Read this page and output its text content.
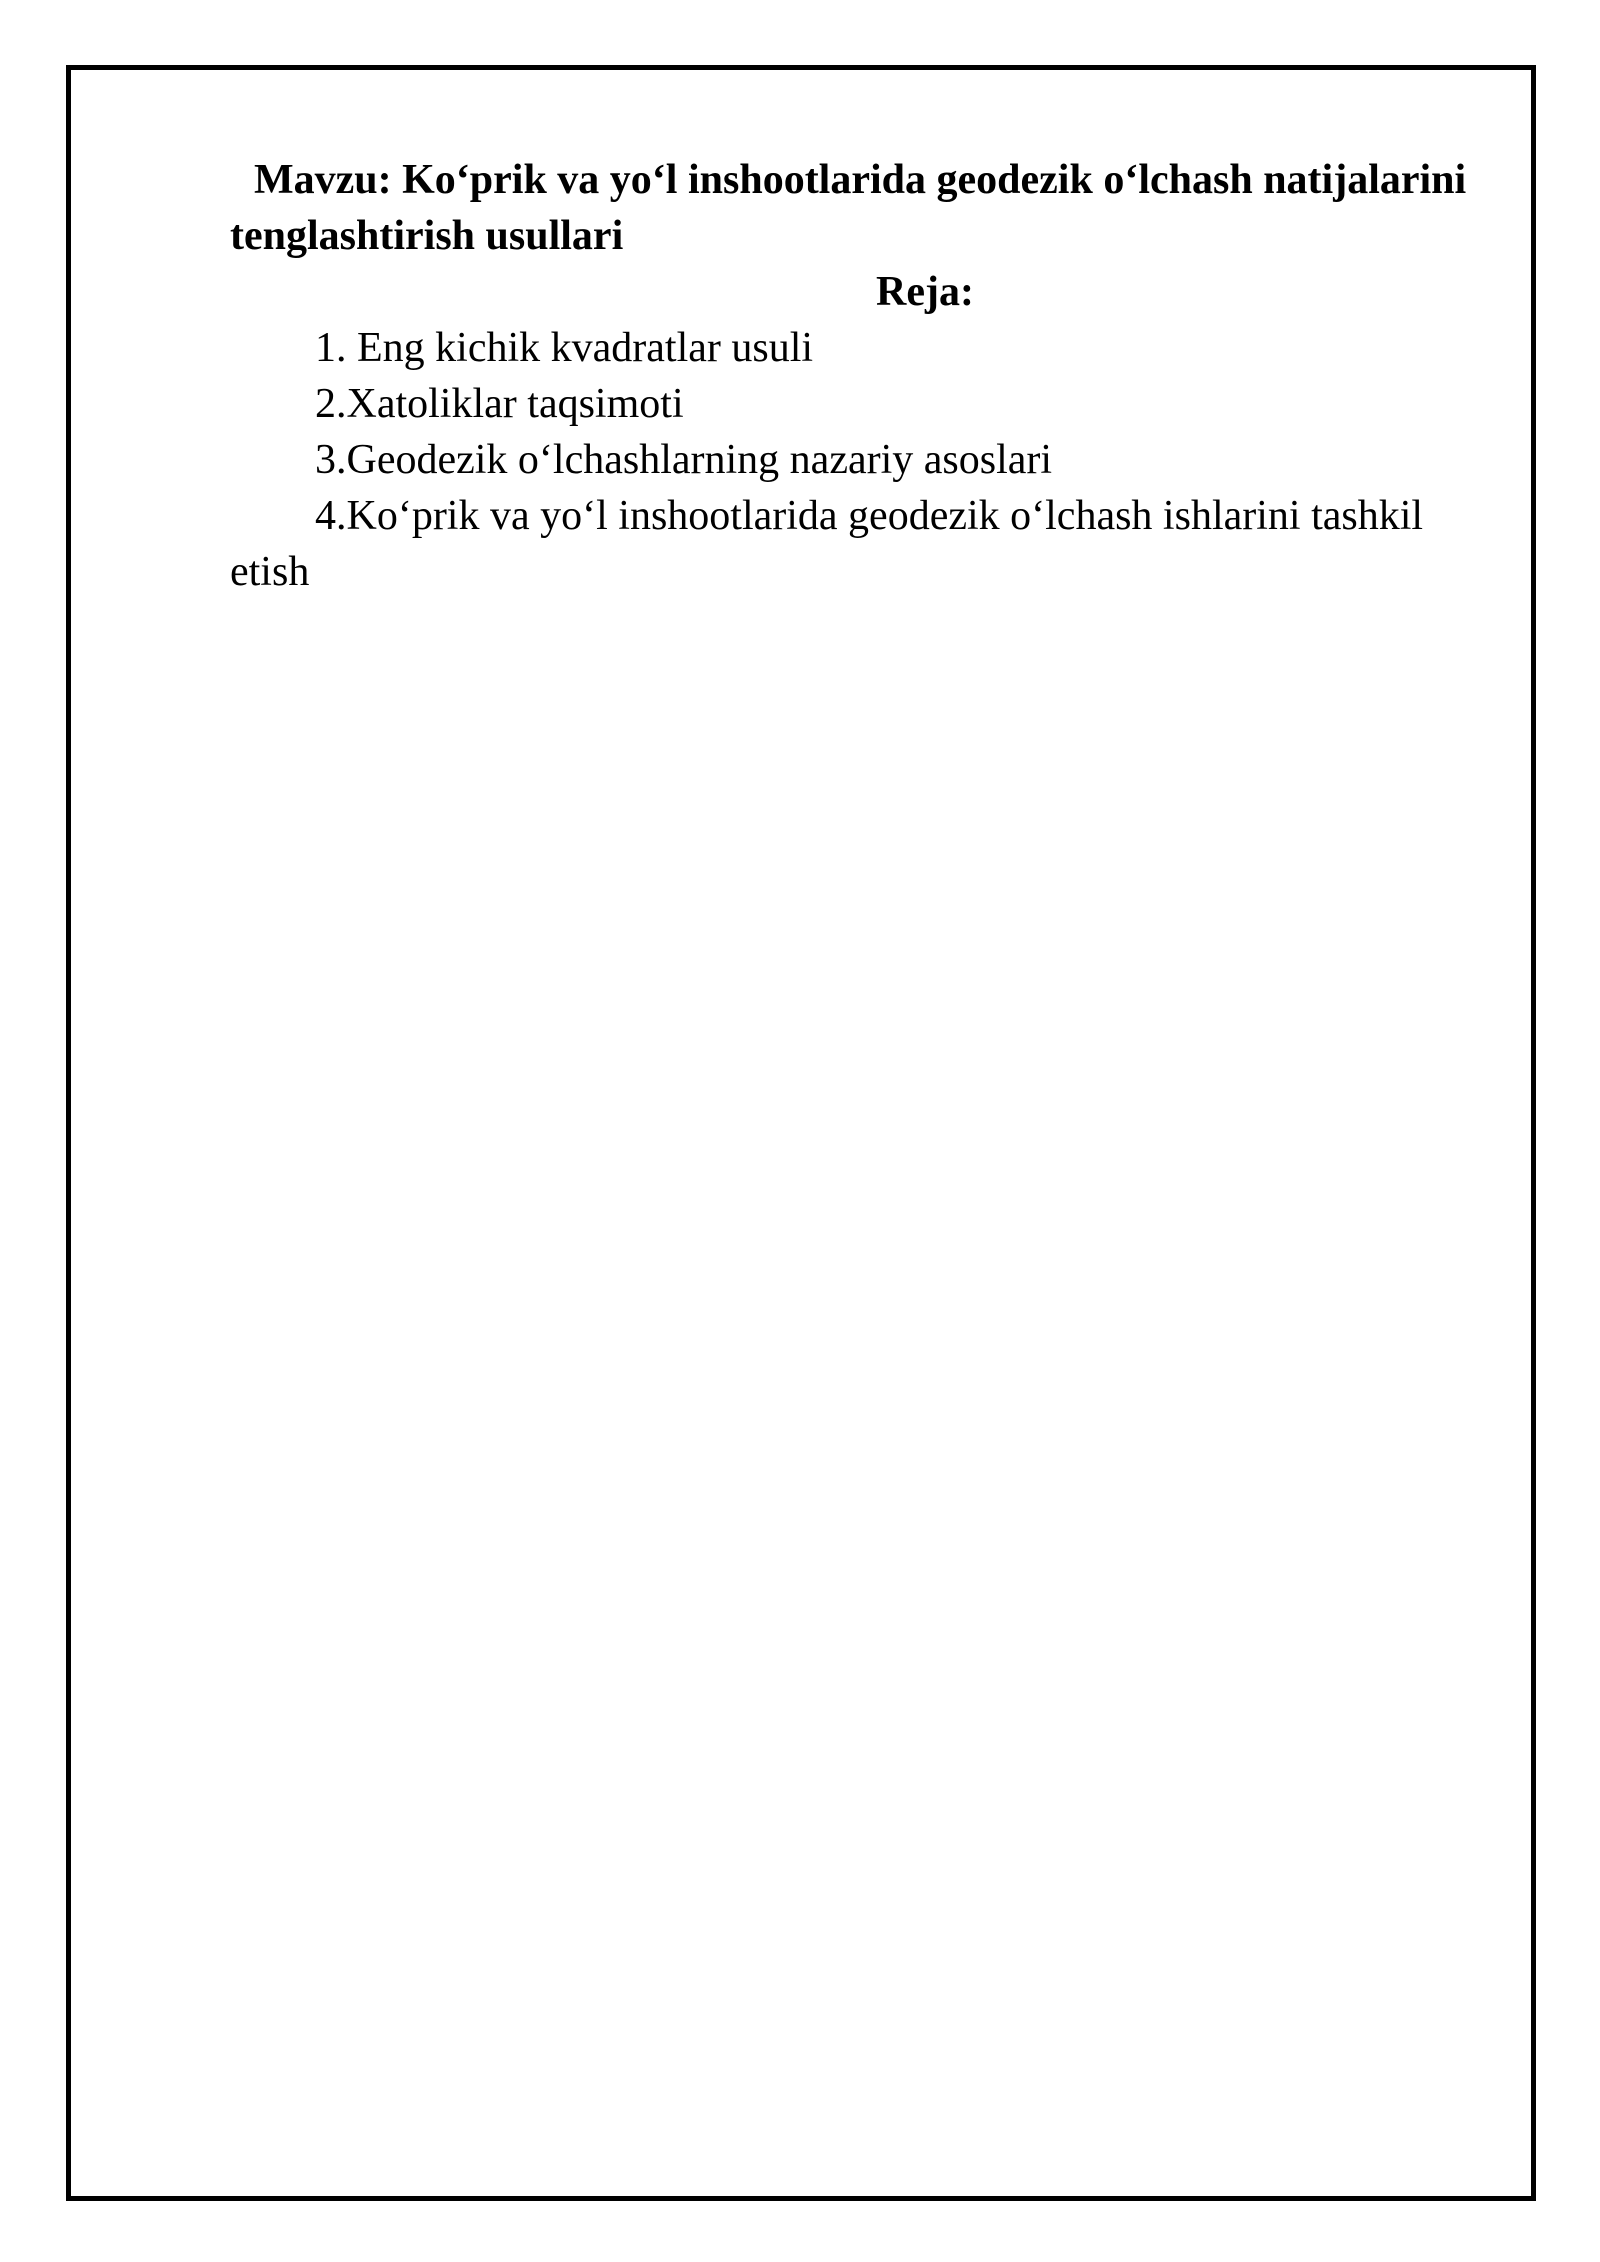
Mavzu: Ko‘prik va yo‘l inshootlarida geodezik o‘lchash natijalarini tenglashtirish usullari

Reja:

1. Eng kichik kvadratlar usuli
2.Xatoliklar taqsimoti
3.Geodezik o‘lchashlarning nazariy asoslari
4.Ko‘prik va yo‘l inshootlarida geodezik o‘lchash ishlarini tashkil etish
